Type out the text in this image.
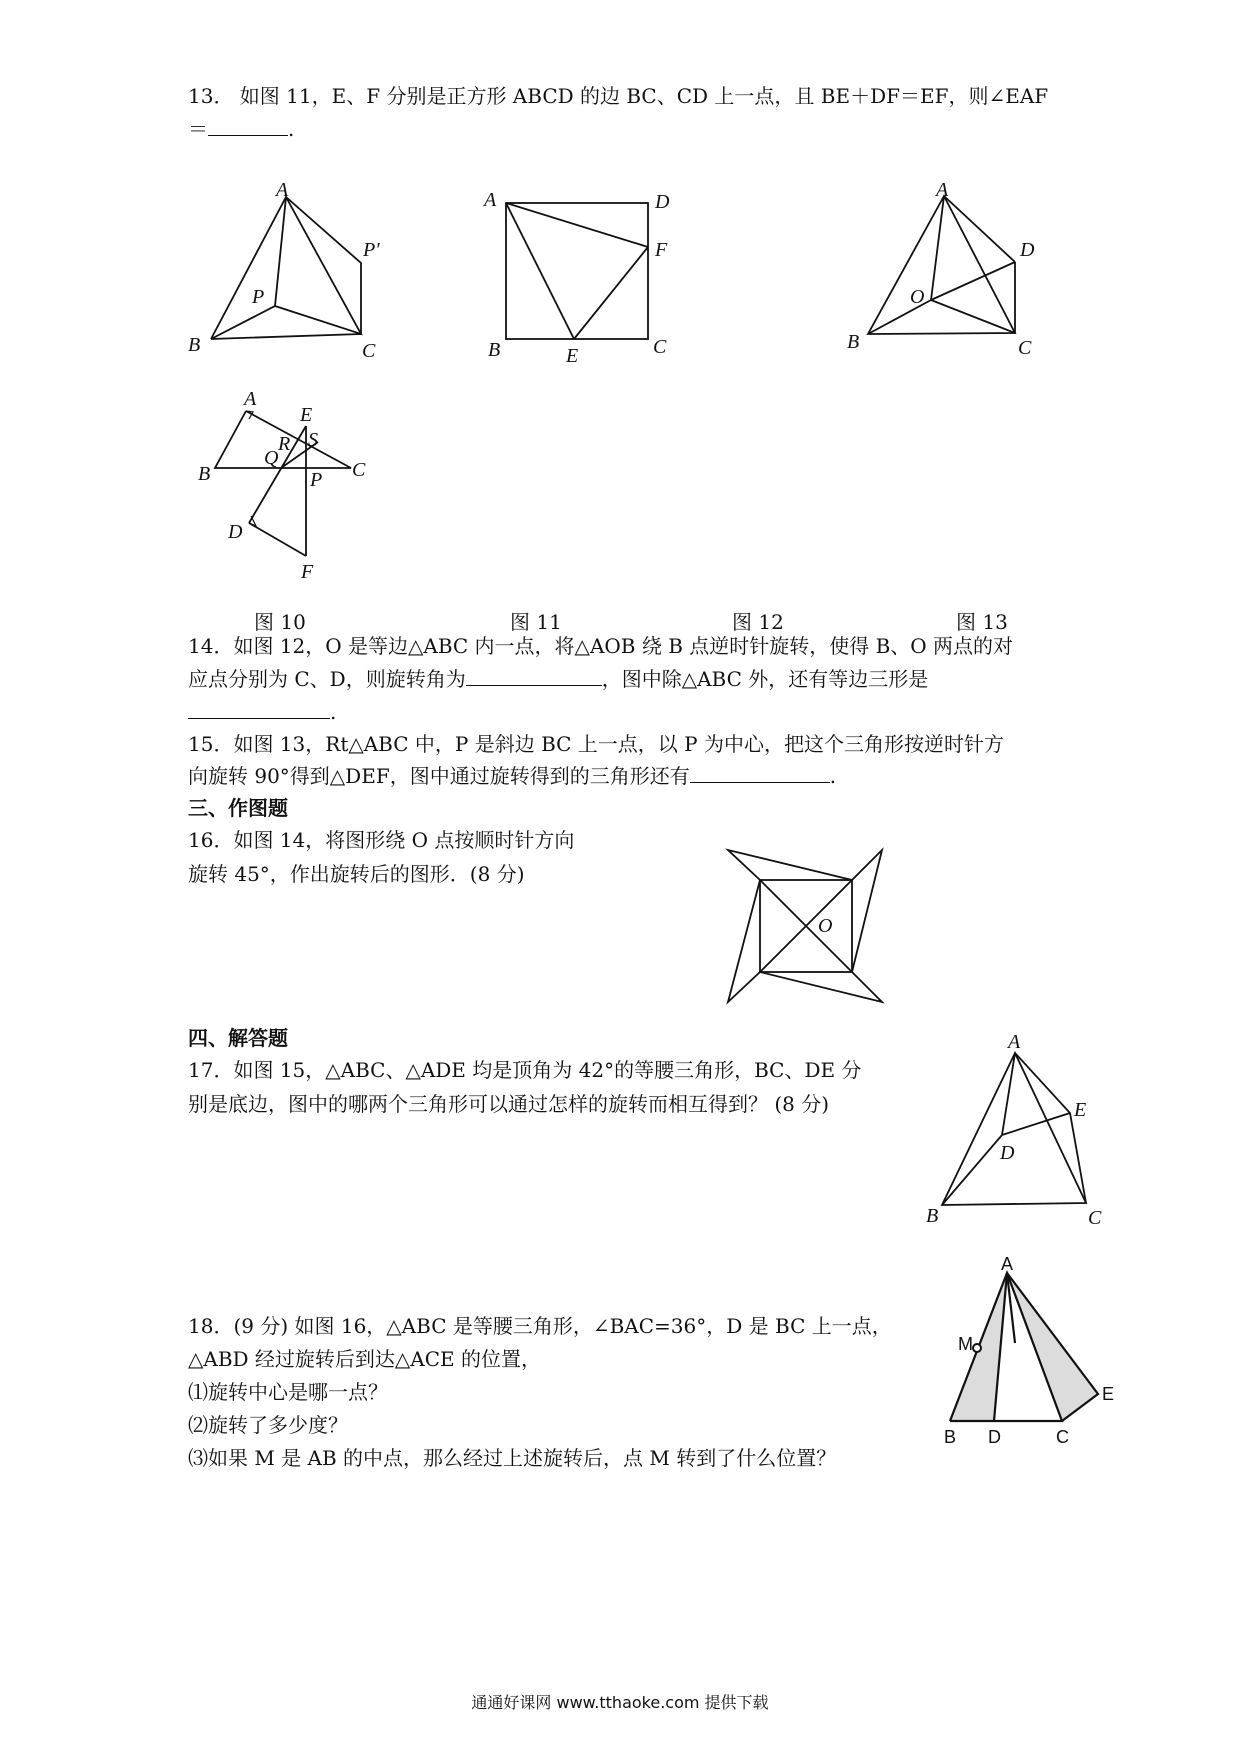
13． 如图 11，E、F 分别是正方形 ABCD 的边 BC、CD 上一点，且 BE＋DF＝EF，则∠EAF
＝	.
A
B	C
P
P′
A	D
F
B	E	C
A
D
O
B	C
A
E
R S
Q
B	P C
D
F
O
A
E
D
B	C
A
M
E
B D	C
图 10	图 11	图 12	图 13
14．如图 12，O 是等边△ABC 内一点，将△AOB 绕 B 点逆时针旋转，使得 B、O 两点的对
应点分别为 C、D，则旋转角为	，图中除△ABC 外，还有等边三形是
.
15．如图 13，Rt△ABC 中，P 是斜边 BC 上一点，以 P 为中心，把这个三角形按逆时针方
向旋转 90°得到△DEF，图中通过旋转得到的三角形还有	.
三、作图题
16．如图 14，将图形绕 O 点按顺时针方向
旋转 45°，作出旋转后的图形．(8 分)
四、解答题
17．如图 15，△ABC、△ADE 均是顶角为 42°的等腰三角形，BC、DE 分
别是底边，图中的哪两个三角形可以通过怎样的旋转而相互得到？ (8 分)
18．(9 分) 如图 16，△ABC 是等腰三角形，∠BAC=36°，D 是 BC 上一点，
△ABD 经过旋转后到达△ACE 的位置，
⑴旋转中心是哪一点？
⑵旋转了多少度？
⑶如果 M 是 AB 的中点，那么经过上述旋转后，点 M 转到了什么位置？
通通好课网 www.tthaoke.com 提供下载
